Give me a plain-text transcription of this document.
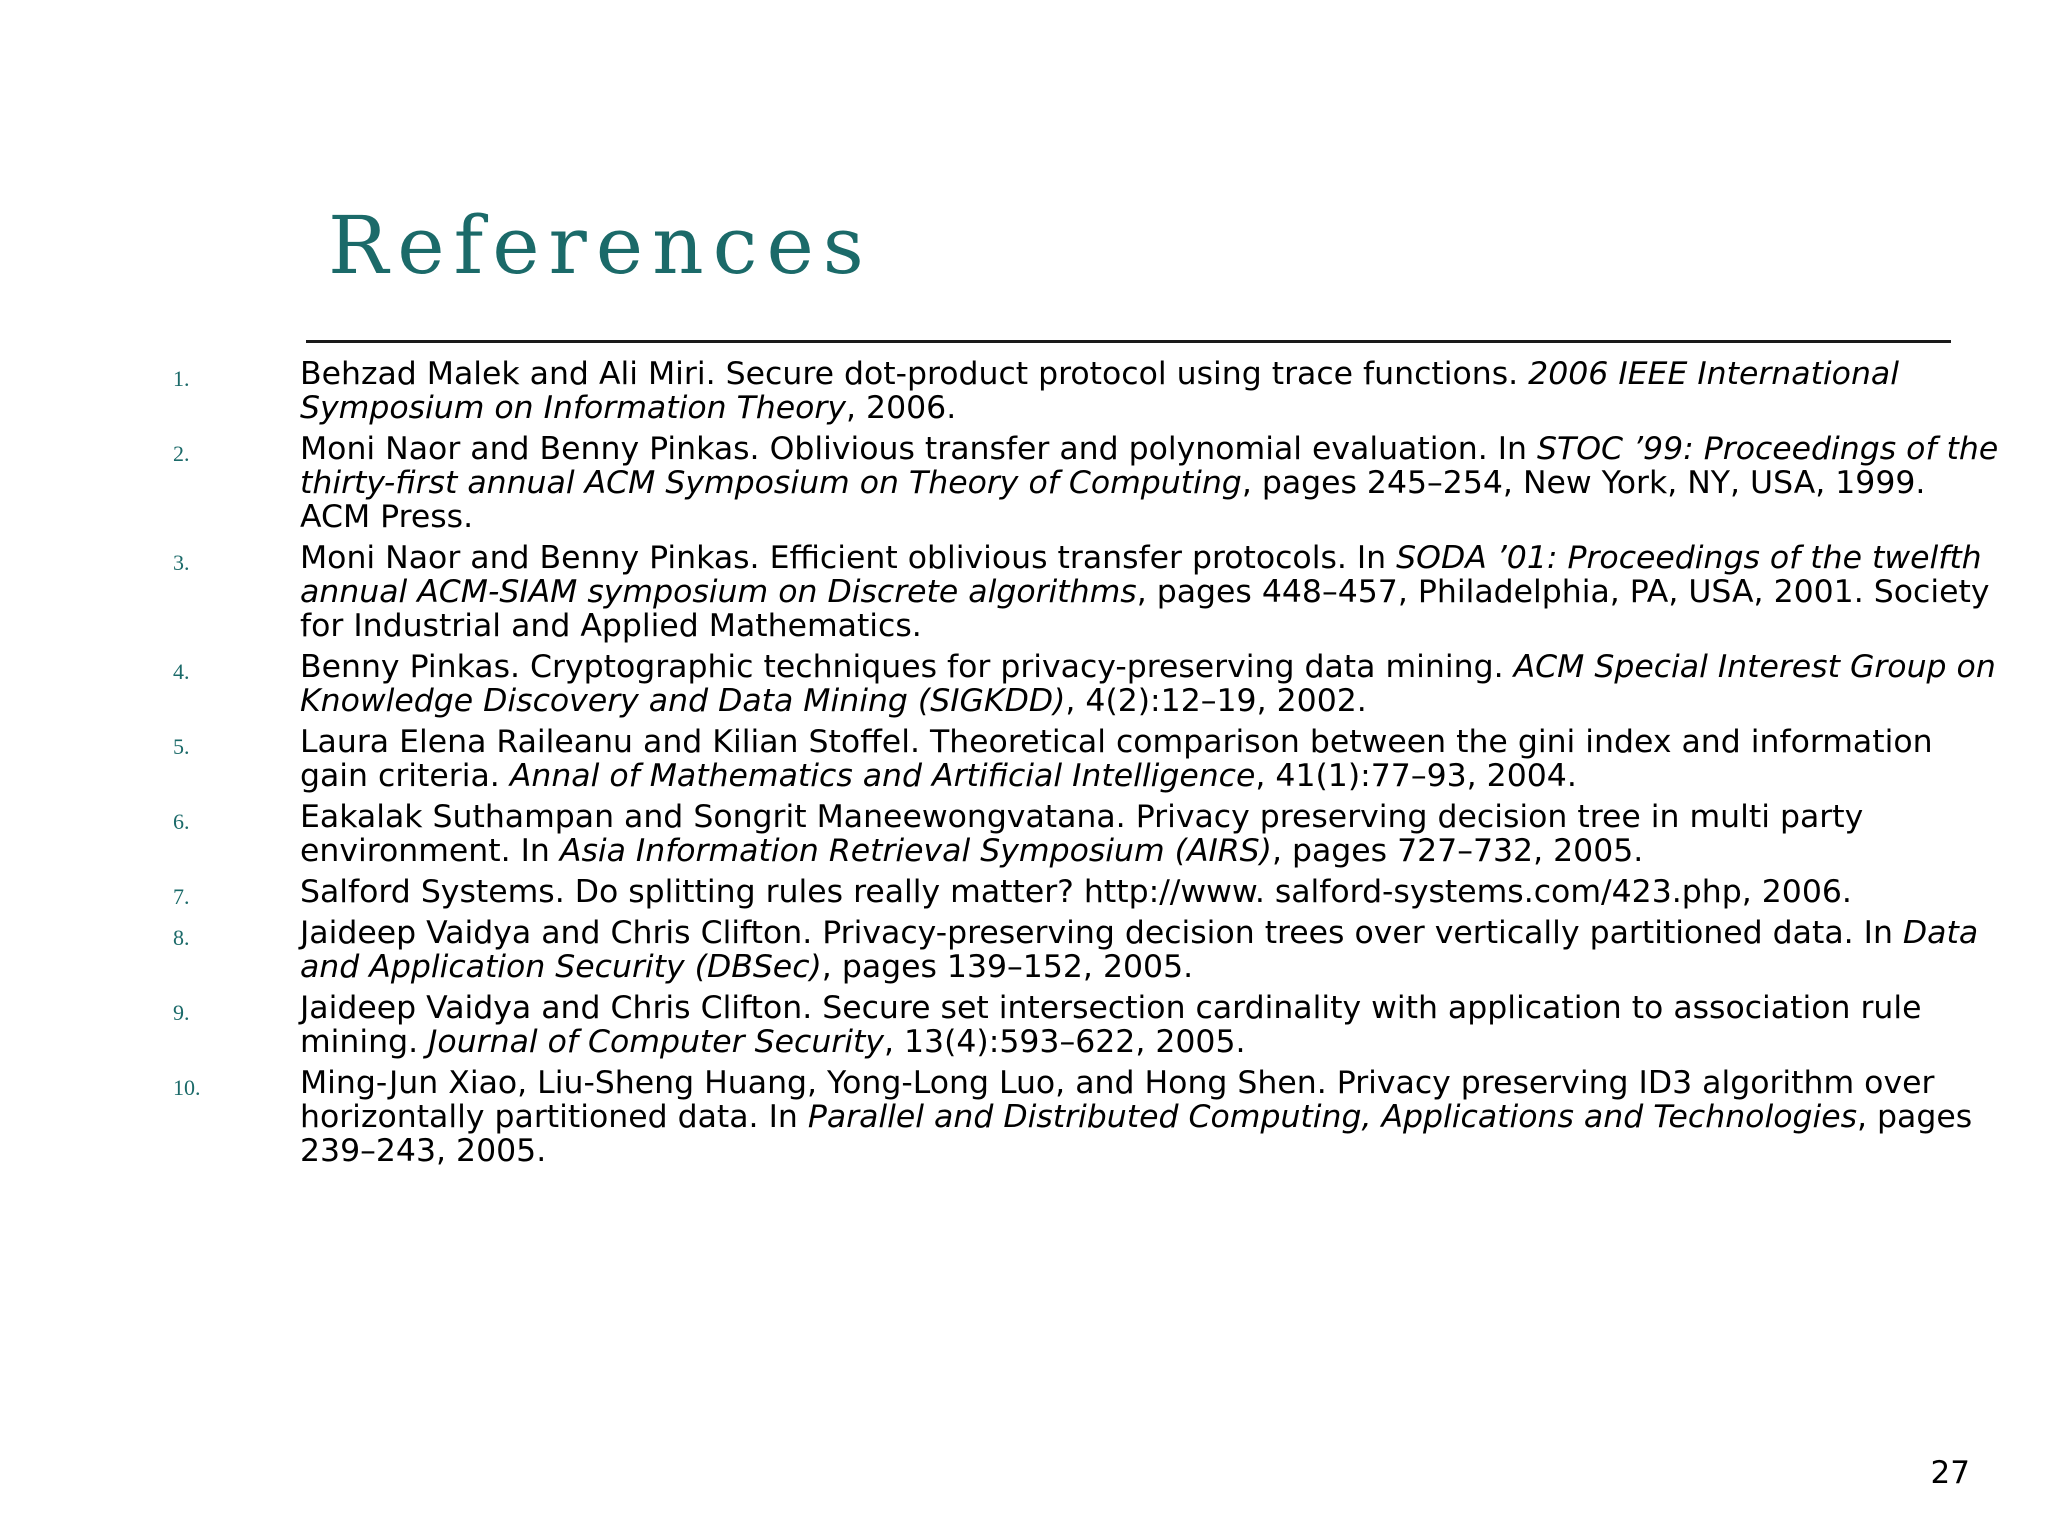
References
1.	Behzad Malek and Ali Miri. Secure dot-product protocol using trace functions. 2006 IEEE International Symposium on Information Theory, 2006.
2.	Moni Naor and Benny Pinkas. Oblivious transfer and polynomial evaluation. In STOC ’99: Proceedings of the thirty-first annual ACM Symposium on Theory of Computing, pages 245–254, New York, NY, USA, 1999. ACM Press.
3.	Moni Naor and Benny Pinkas. Efficient oblivious transfer protocols. In SODA ’01: Proceedings of the twelfth annual ACM-SIAM symposium on Discrete algorithms, pages 448–457, Philadelphia, PA, USA, 2001. Society for Industrial and Applied Mathematics.
4.	Benny Pinkas. Cryptographic techniques for privacy-preserving data mining. ACM Special Interest Group on Knowledge Discovery and Data Mining (SIGKDD), 4(2):12–19, 2002.
5.	Laura Elena Raileanu and Kilian Stoffel. Theoretical comparison between the gini index and information gain criteria. Annal of Mathematics and Artificial Intelligence, 41(1):77–93, 2004.
6.	Eakalak Suthampan and Songrit Maneewongvatana. Privacy preserving decision tree in multi party environment. In Asia Information Retrieval Symposium (AIRS), pages 727–732, 2005.
7.	Salford Systems. Do splitting rules really matter? http://www. salford-systems.com/423.php, 2006.
8.	Jaideep Vaidya and Chris Clifton. Privacy-preserving decision trees over vertically partitioned data. In Data and Application Security (DBSec), pages 139–152, 2005.
9.	Jaideep Vaidya and Chris Clifton. Secure set intersection cardinality with application to association rule mining. Journal of Computer Security, 13(4):593–622, 2005.
10.	Ming-Jun Xiao, Liu-Sheng Huang, Yong-Long Luo, and Hong Shen. Privacy preserving ID3 algorithm over horizontally partitioned data. In Parallel and Distributed Computing, Applications and Technologies, pages 239–243, 2005.
27
